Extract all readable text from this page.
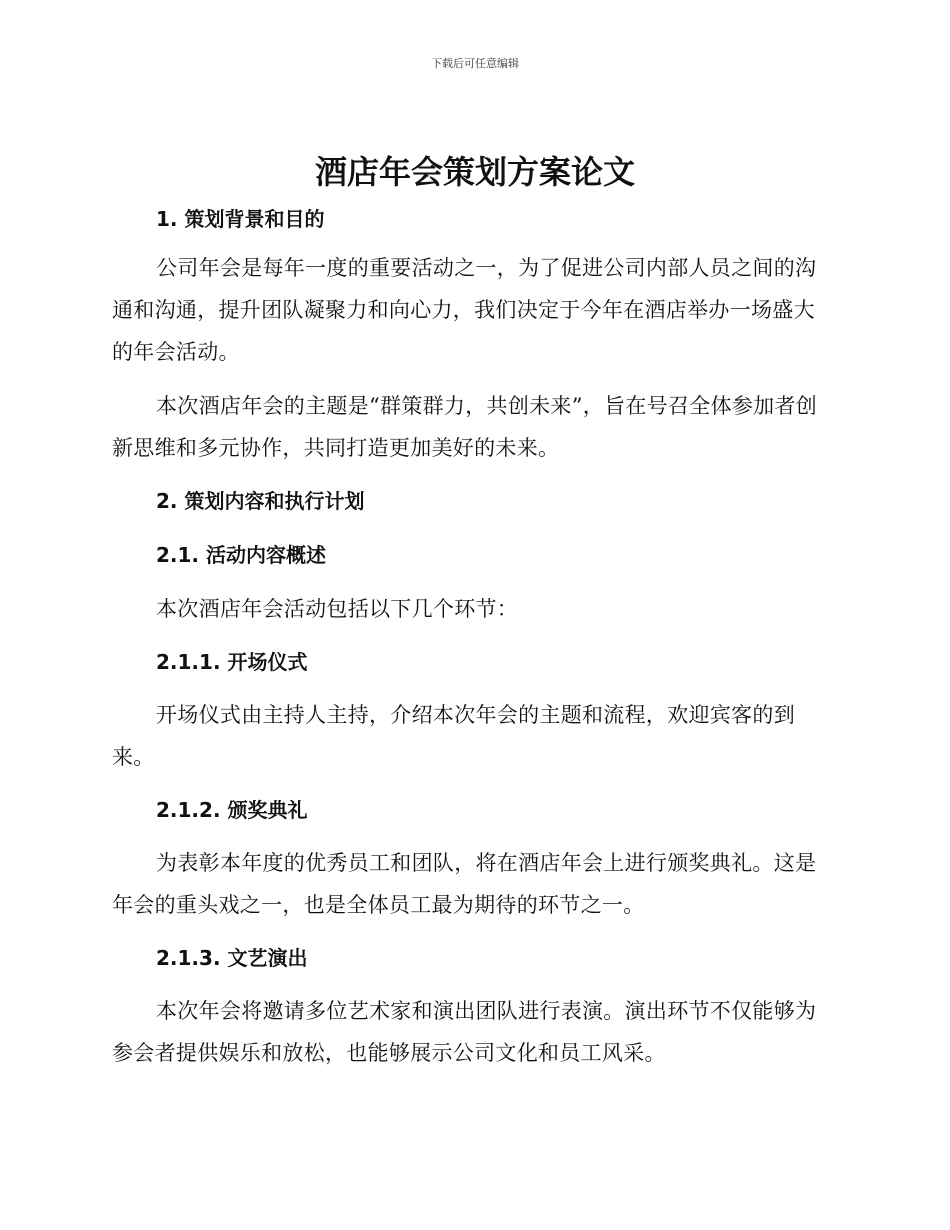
下载后可任意编辑
酒店年会策划方案论文
1. 策划背景和目的

公司年会是每年一度的重要活动之一，为了促进公司内部人员之间的沟通和沟通，提升团队凝聚力和向心力，我们决定于今年在酒店举办一场盛大的年会活动。

本次酒店年会的主题是“群策群力，共创未来”，旨在号召全体参加者创新思维和多元协作，共同打造更加美好的未来。

2. 策划内容和执行计划
2.1. 活动内容概述

本次酒店年会活动包括以下几个环节：

2.1.1. 开场仪式

开场仪式由主持人主持，介绍本次年会的主题和流程，欢迎宾客的到来。

2.1.2. 颁奖典礼

为表彰本年度的优秀员工和团队，将在酒店年会上进行颁奖典礼。这是年会的重头戏之一，也是全体员工最为期待的环节之一。

2.1.3. 文艺演出

本次年会将邀请多位艺术家和演出团队进行表演。演出环节不仅能够为参会者提供娱乐和放松，也能够展示公司文化和员工风采。
